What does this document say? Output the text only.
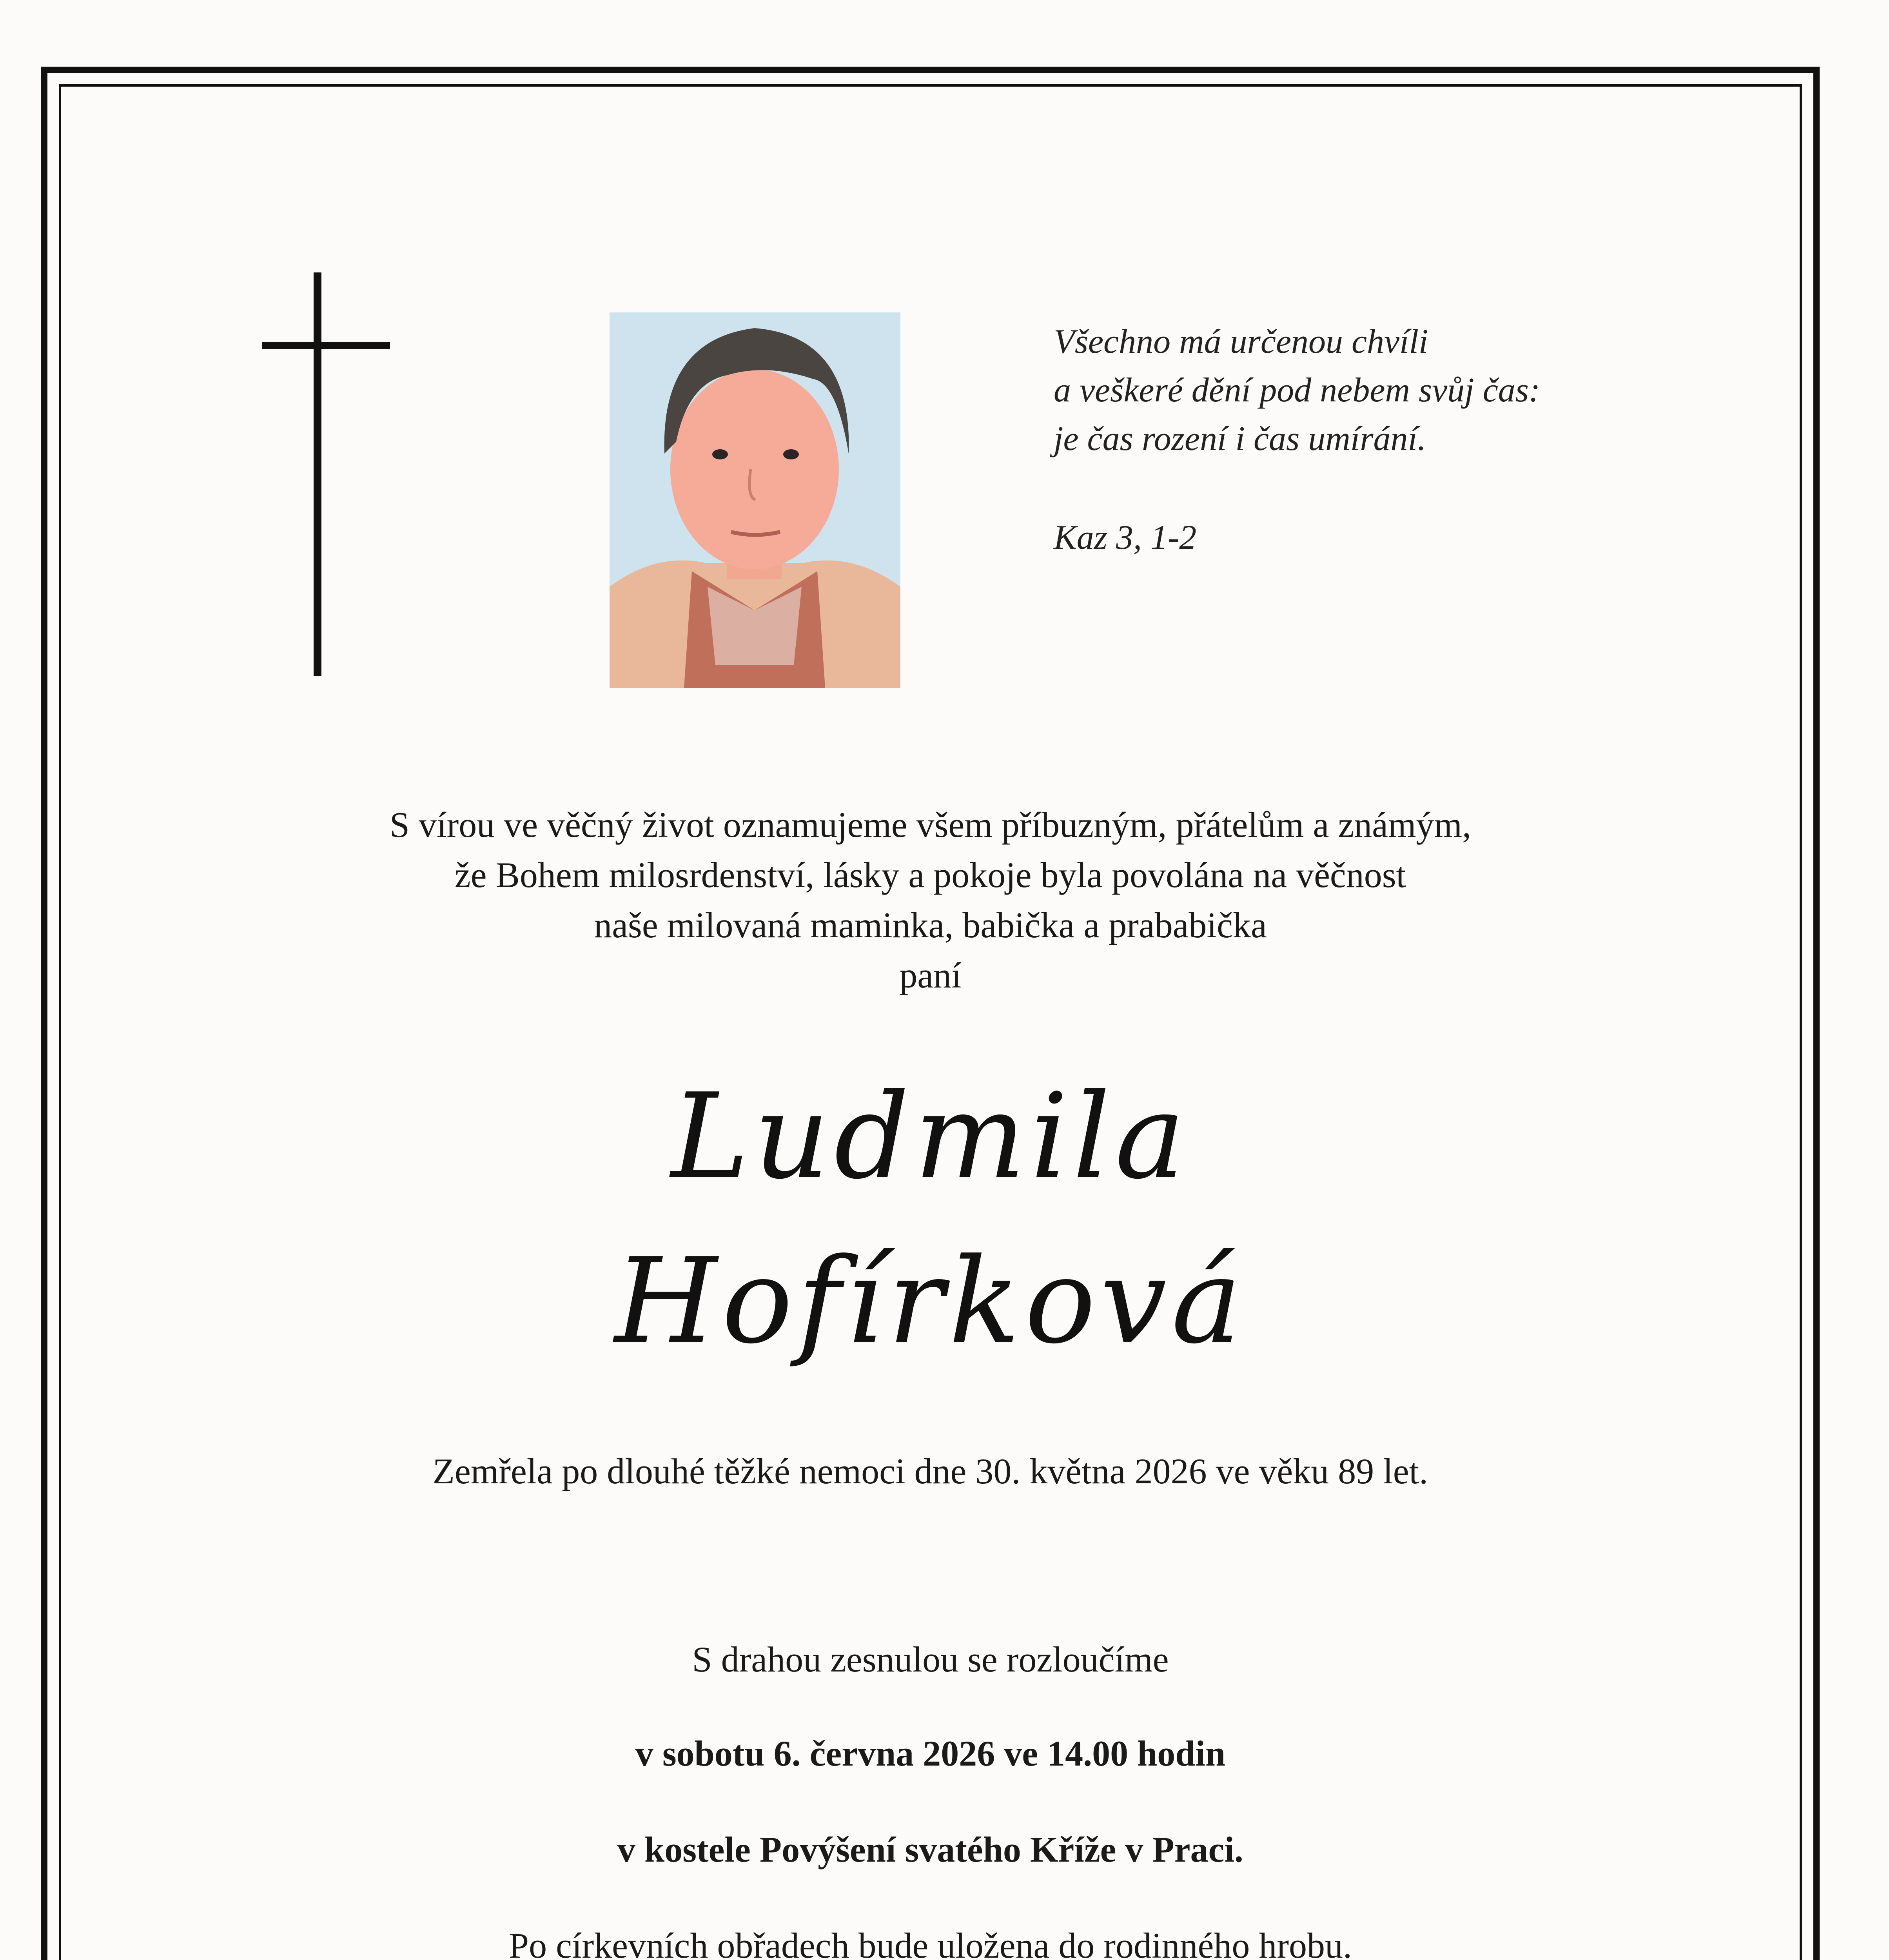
Všechno má určenou chvíli
a veškeré dění pod nebem svůj čas:
je čas rození i čas umírání.
Kaz 3, 1-2
S vírou ve věčný život oznamujeme všem příbuzným, přátelům a známým,
že Bohem milosrdenství, lásky a pokoje byla povolána na věčnost
naše milovaná maminka, babička a prababička
paní
Ludmila
Hofírková
Zemřela po dlouhé těžké nemoci dne 30. května 2026 ve věku 89 let.
S drahou zesnulou se rozloučíme
v sobotu 6. června 2026 ve 14.00 hodin
v kostele Povýšení svatého Kříže v Praci.
Po církevních obřadech bude uložena do rodinného hrobu.
